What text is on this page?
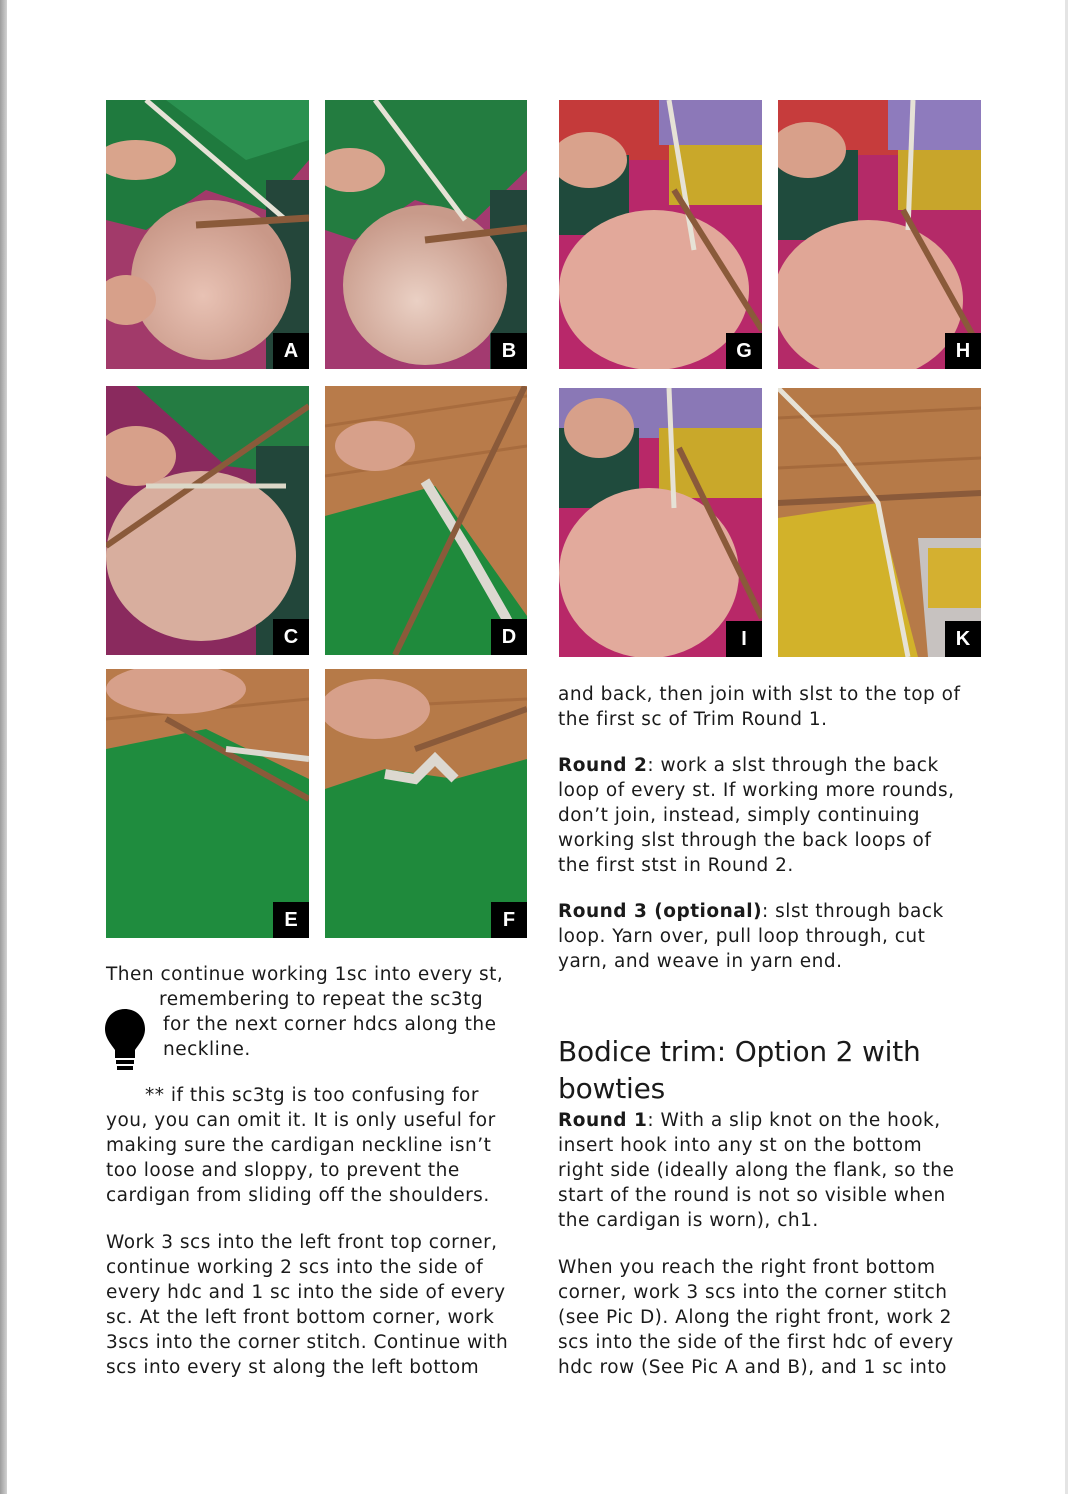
A	B	G	H
C	D	I	K
E	F

Then continue working 1sc into every st,

remembering to repeat the sc3tg

for the next corner hdcs along the

neckline.

** if this sc3tg is too confusing for

you, you can omit it. It is only useful for making sure the cardigan neckline isn’t too loose and sloppy, to prevent the cardigan from sliding off the shoulders.

Work 3 scs into the left front top corner, continue working 2 scs into the side of every hdc and 1 sc into the side of every sc. At the left front bottom corner, work 3scs into the corner stitch. Continue with scs into every st along the left bottom

and back, then join with slst to the top of the first sc of Trim Round 1.

Round 2: work a slst through the back loop of every st. If working more rounds, don’t join, instead, simply continuing working slst through the back loops of the first stst in Round 2.

Round 3 (optional): slst through back loop. Yarn over, pull loop through, cut yarn, and weave in yarn end.

Bodice trim: Option 2 with
bowties

Round 1: With a slip knot on the hook, insert hook into any st on the bottom right side (ideally along the flank, so the start of the round is not so visible when the cardigan is worn), ch1.

When you reach the right front bottom corner, work 3 scs into the corner stitch (see Pic D). Along the right front, work 2 scs into the side of the first hdc of every hdc row (See Pic A and B), and 1 sc into
